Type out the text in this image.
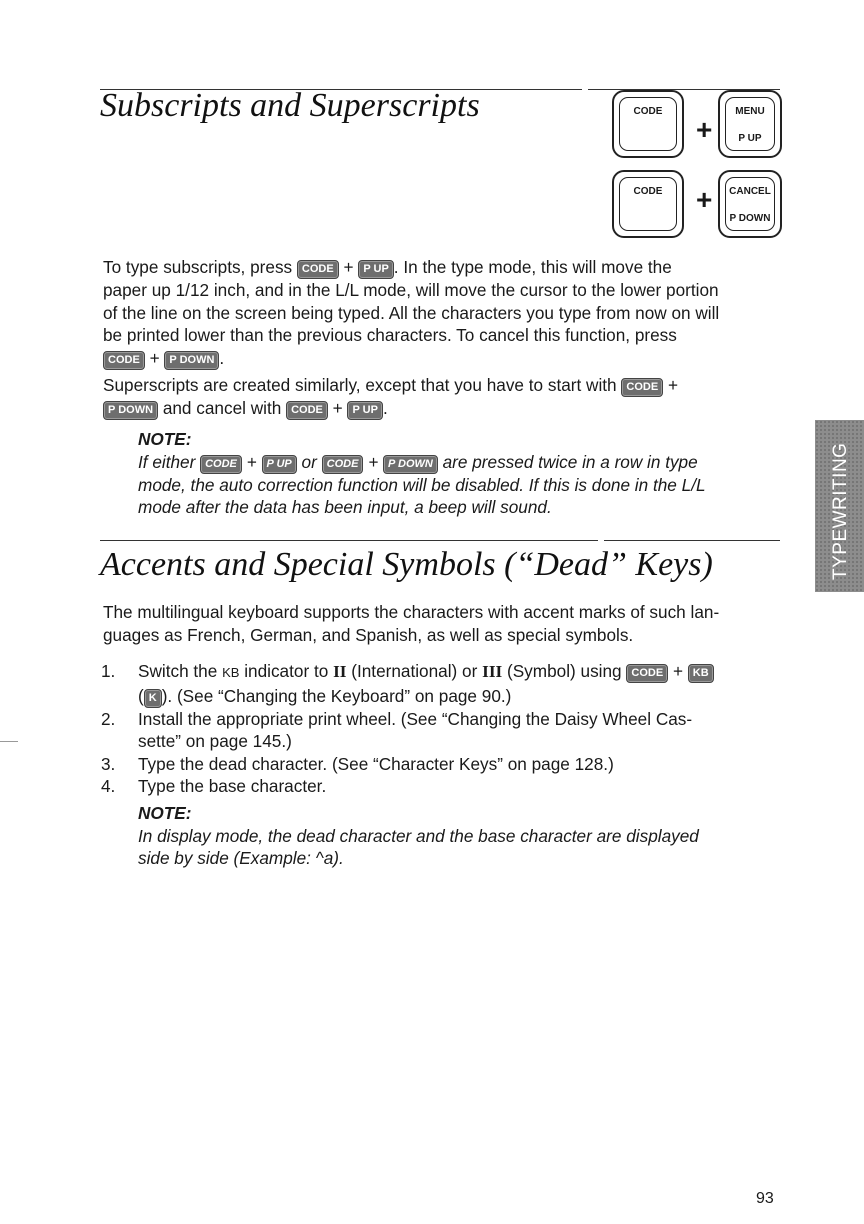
Subscripts and Superscripts	CODE
+
MENU
P UP
CODE	+	CANCEL
P DOWN
To type subscripts, press CODE + P UP . In the type mode, this will move the
paper up 1/12 inch, and in the L/L mode, will move the cursor to the lower portion
of the line on the screen being typed. All the characters you type from now on will
be printed lower than the previous characters. To cancel this function, press
CODE + P DOWN .
Superscripts are created similarly, except that you have to start with CODE +
P DOWN and cancel with CODE + P UP .
NOTE:
If either CODE + P UP or CODE + P DOWN are pressed twice in a row in type
mode, the auto correction function will be disabled. If this is done in the L/L
mode after the data has been input, a beep will sound.
Accents and Special Symbols (“Dead” Keys)
The multilingual keyboard supports the characters with accent marks of such lan-
guages as French, German, and Spanish, as well as special symbols.
1. Switch the KB indicator to II (International) or III (Symbol) using CODE + KB
( K ). (See “Changing the Keyboard” on page 90.)
2. Install the appropriate print wheel. (See “Changing the Daisy Wheel Cas-
sette” on page 145.)
3. Type the dead character. (See “Character Keys” on page 128.)
4. Type the base character.
NOTE:
In display mode, the dead character and the base character are displayed
side by side (Example: ^a).
TYPEWRITING
93
